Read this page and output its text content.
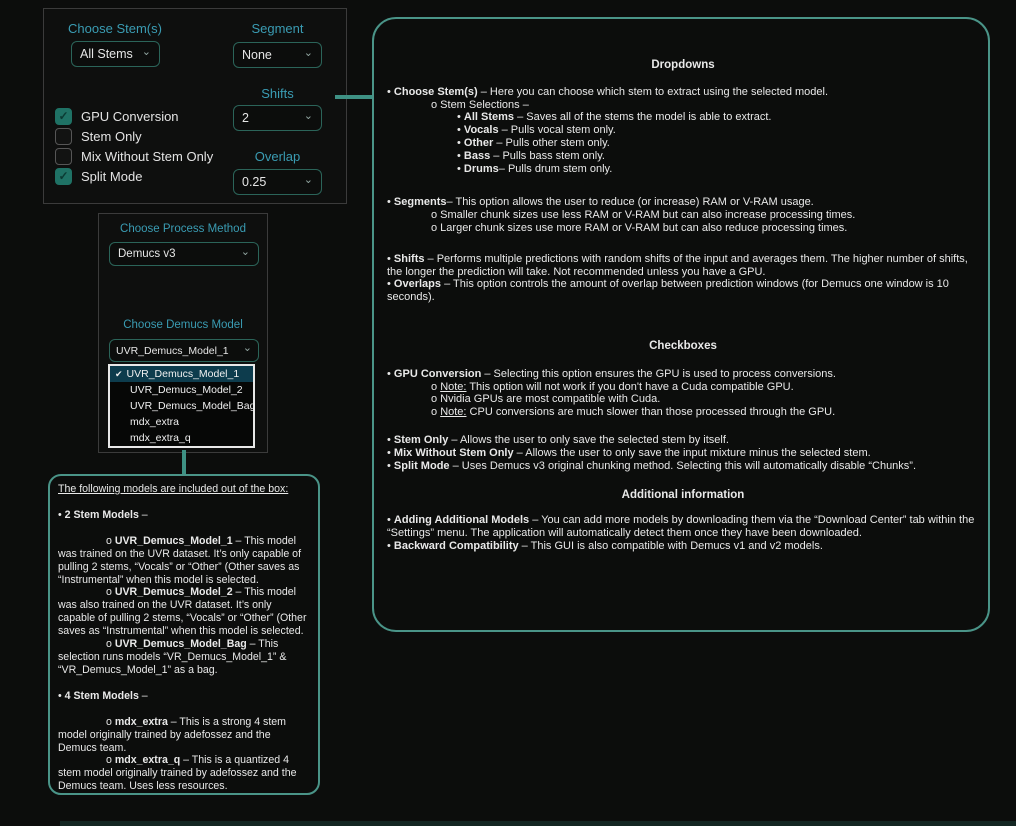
Choose Stem(s)
All Stems ⌄
Segment
None	⌄
Shifts
2	⌄
Overlap
0.25	⌄
✓ GPU Conversion
Stem Only
Mix Without Stem Only
✓ Split Mode
Choose Process Method
Demucs v3	⌄
Choose Demucs Model
UVR_Demucs_Model_1 ⌄
✔ UVR_Demucs_Model_1
UVR_Demucs_Model_2
UVR_Demucs_Model_Bag
mdx_extra
mdx_extra_q
The following models are included out of the box:
• 2 Stem Models –
o UVR_Demucs_Model_1 – This model was trained on the UVR dataset. It’s only capable of pulling 2 stems, “Vocals” or “Other” (Other saves as “Instrumental” when this model is selected.
o UVR_Demucs_Model_2 – This model was also trained on the UVR dataset. It’s only capable of pulling 2 stems, “Vocals” or “Other” (Other saves as “Instrumental” when this model is selected.
o UVR_Demucs_Model_Bag – This selection runs models “VR_Demucs_Model_1” & “VR_Demucs_Model_1” as a bag.
• 4 Stem Models –
o mdx_extra – This is a strong 4 stem model originally trained by adefossez and the Demucs team.
o mdx_extra_q – This is a quantized 4 stem model originally trained by adefossez and the Demucs team. Uses less resources.
Dropdowns
• Choose Stem(s) – Here you can choose which stem to extract using the selected model.
o Stem Selections –
• All Stems – Saves all of the stems the model is able to extract.
• Vocals – Pulls vocal stem only.
• Other – Pulls other stem only.
• Bass – Pulls bass stem only.
• Drums– Pulls drum stem only.
• Segments– This option allows the user to reduce (or increase) RAM or V-RAM usage.
o Smaller chunk sizes use less RAM or V-RAM but can also increase processing times.
o Larger chunk sizes use more RAM or V-RAM but can also reduce processing times.
• Shifts – Performs multiple predictions with random shifts of the input and averages them. The higher number of shifts, the longer the prediction will take. Not recommended unless you have a GPU.
• Overlaps – This option controls the amount of overlap between prediction windows (for Demucs one window is 10 seconds).
Checkboxes
• GPU Conversion – Selecting this option ensures the GPU is used to process conversions.
o Note: This option will not work if you don't have a Cuda compatible GPU.
o Nvidia GPUs are most compatible with Cuda.
o Note: CPU conversions are much slower than those processed through the GPU.
• Stem Only – Allows the user to only save the selected stem by itself.
• Mix Without Stem Only – Allows the user to only save the input mixture minus the selected stem.
• Split Mode – Uses Demucs v3 original chunking method. Selecting this will automatically disable “Chunks”.
Additional information
• Adding Additional Models – You can add more models by downloading them via the “Download Center” tab within the “Settings” menu. The application will automatically detect them once they have been downloaded.
• Backward Compatibility – This GUI is also compatible with Demucs v1 and v2 models.
